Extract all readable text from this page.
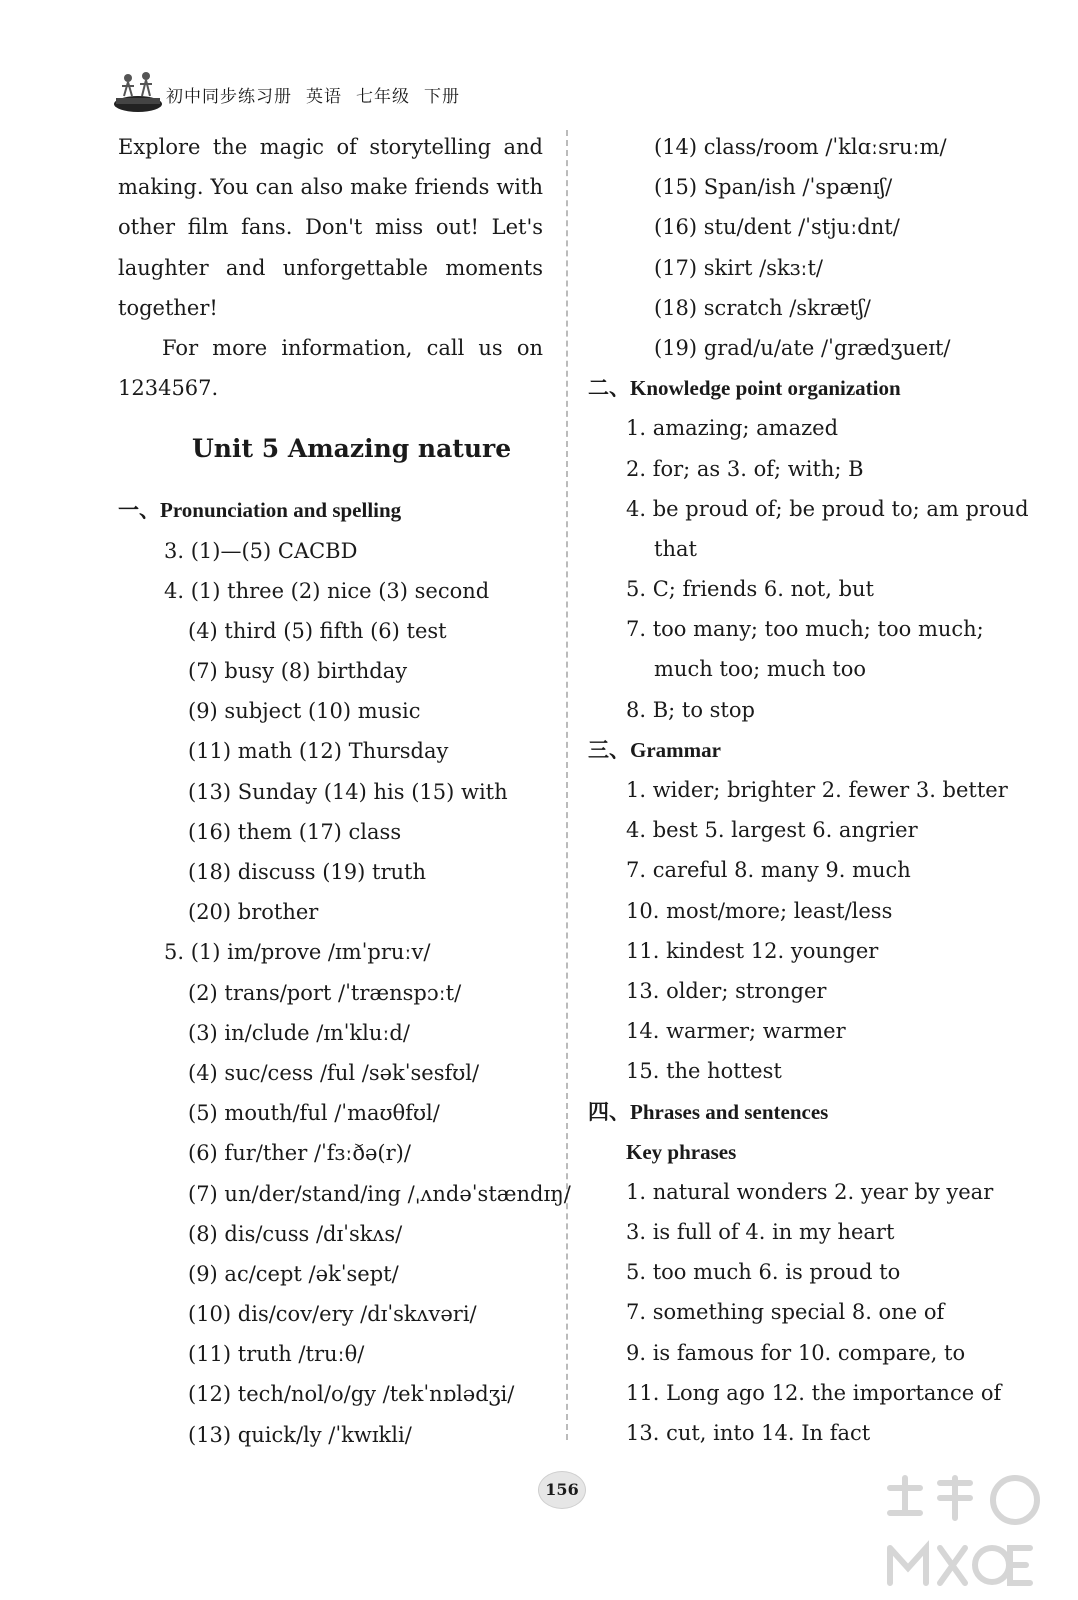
初中同步练习册 英语 七年级 下册
Explore the magic of storytelling and
making. You can also make friends with
other film fans. Don't miss out! Let's
laughter and unforgettable moments
together!
For more information, call us on
1234567.
Unit 5 Amazing nature
一、Pronunciation and spelling
3. (1)—(5) CACBD
4. (1) three (2) nice (3) second
(4) third (5) fifth (6) test
(7) busy (8) birthday
(9) subject (10) music
(11) math (12) Thursday
(13) Sunday (14) his (15) with
(16) them (17) class
(18) discuss (19) truth
(20) brother
5. (1) im/prove /ɪmˈpruːv/
(2) trans/port /ˈtrænspɔːt/
(3) in/clude /ɪnˈkluːd/
(4) suc/cess /ful /səkˈsesfʊl/
(5) mouth/ful /ˈmaʊθfʊl/
(6) fur/ther /ˈfɜːðə(r)/
(7) un/der/stand/ing /ˌʌndəˈstændɪŋ/
(8) dis/cuss /dɪˈskʌs/
(9) ac/cept /əkˈsept/
(10) dis/cov/ery /dɪˈskʌvəri/
(11) truth /truːθ/
(12) tech/nol/o/gy /tekˈnɒlədʒi/
(13) quick/ly /ˈkwɪkli/
(14) class/room /ˈklɑːsruːm/
(15) Span/ish /ˈspænɪʃ/
(16) stu/dent /ˈstjuːdnt/
(17) skirt /skɜːt/
(18) scratch /skrætʃ/
(19) grad/u/ate /ˈgrædʒueɪt/
二、Knowledge point organization
1. amazing; amazed
2. for; as 3. of; with; B
4. be proud of; be proud to; am proud
that
5. C; friends 6. not, but
7. too many; too much; too much;
much too; much too
8. B; to stop
三、Grammar
1. wider; brighter 2. fewer 3. better
4. best 5. largest 6. angrier
7. careful 8. many 9. much
10. most/more; least/less
11. kindest 12. younger
13. older; stronger
14. warmer; warmer
15. the hottest
四、Phrases and sentences
Key phrases
1. natural wonders 2. year by year
3. is full of 4. in my heart
5. too much 6. is proud to
7. something special 8. one of
9. is famous for 10. compare, to
11. Long ago 12. the importance of
13. cut, into 14. In fact
156
